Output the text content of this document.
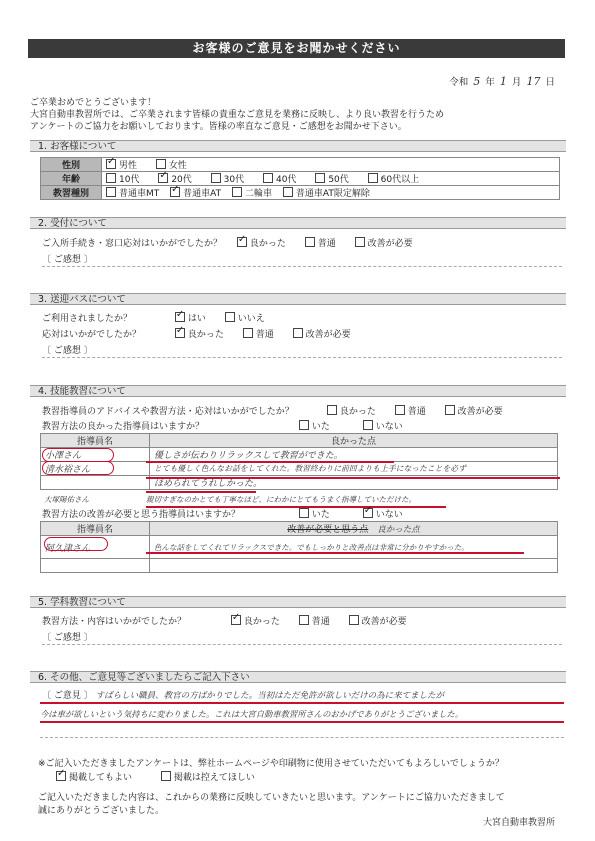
お客様のご意見をお聞かせください
令和 5 年 1 月 17 日
ご卒業おめでとうございます！
大宮自動車教習所では、ご卒業されます皆様の貴重なご意見を業務に反映し、より良い教習を行うため
アンケートのご協力をお願いしております。皆様の率直なご意見・ご感想をお聞かせ下さい。
1. お客様について
性別	✓男性 女性
年齢	10代 ✓ 20代 30代 40代 50代 60代以上
教習種別	普通車MT ✓ 普通車AT 二輪車 普通車AT限定解除
2. 受付について
ご入所手続き・窓口応対はいかがでしたか？ ✓	良かった	普通	改善が必要
〔 ご感想 〕
3. 送迎バスについて
ご利用されましたか？ ✓	はい	いいえ
応対はいかがでしたか？ ✓	良かった	普通	改善が必要
〔 ご感想 〕
4. 技能教習について
教習指導員のアドバイスや教習方法・応対はいかがでしたか？	良かった	普通	改善が必要
教習方法の良かった指導員はいますか？	いた	いない
指導員名	良かった点
小澤さん	優しさが伝わりリラックスして教習ができた。
清水裕さん	とても優しく色んなお話をしてくれた。教習終わりに前回よりも上手になったことを必ず
	ほめられてうれしかった。
大塚陽佑さん	親切すぎなのかとても丁寧なほど、にわかにとてもうまく指導していただけた。
教習方法の改善が必要と思う指導員はいますか？	いた ✓	いない
指導員名	改善が必要と思う点 良かった点
阿久津さん	色んな話をしてくれてリラックスできた。でもしっかりと改善点は非常に分かりやすかった。

5. 学科教習について
教習方法・内容はいかがでしたか？ ✓	良かった	普通	改善が必要
〔 ご感想 〕
6. その他、ご意見等ございましたらご記入下さい
〔 ご意見 〕 すばらしい職員、教官の方ばかりでした。当初はただ免許が欲しいだけの為に来てましたが
今は車が欲しいという気持ちに変わりました。これは大宮自動車教習所さんのおかげでありがとうございました。
※ご記入いただきましたアンケートは、弊社ホームページや印刷物に使用させていただいてもよろしいでしょうか？
✓掲載してもよい	掲載は控えてほしい
ご記入いただきました内容は、これからの業務に反映していきたいと思います。アンケートにご協力いただきまして
誠にありがとうございました。
大宮自動車教習所
